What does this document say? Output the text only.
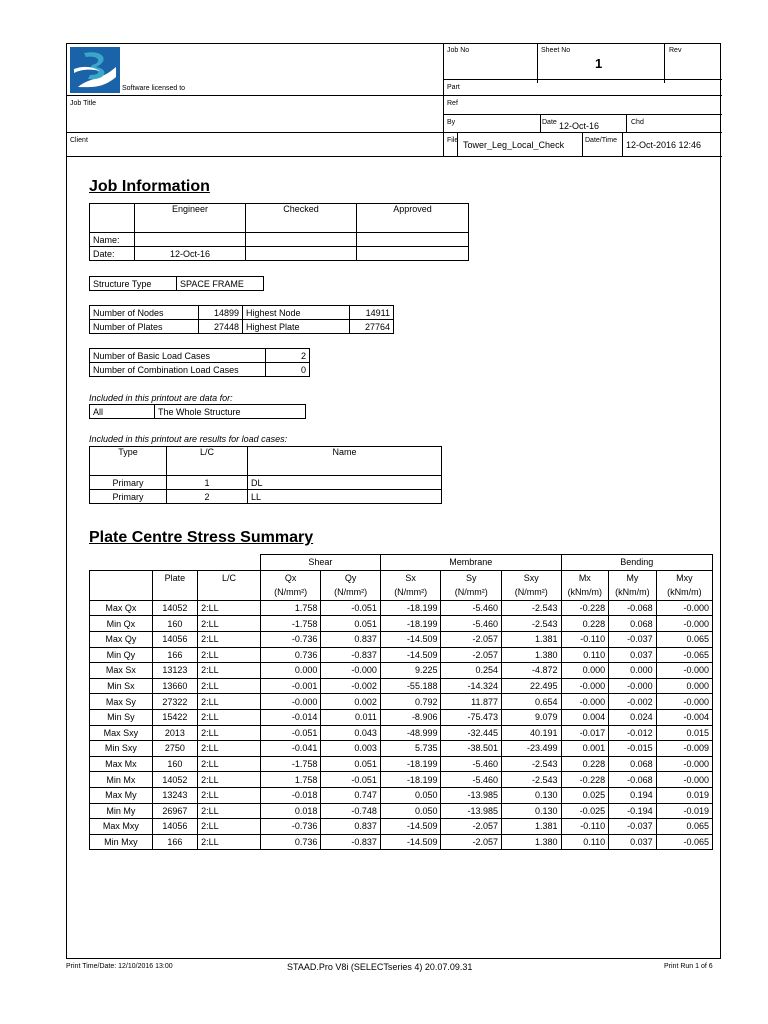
Software licensed to
Job No	Sheet No
1
Rev
Part
Job Title	Ref
By	Date 12-Oct-16	Chd
Client	File Tower_Leg_Local_Check	Date/Time 12-Oct-2016 12:46
Job Information
	Engineer	Checked	Approved
Name:			
Date:	12-Oct-16		
Structure Type	SPACE FRAME
Number of Nodes	14899	Highest Node	14911
Number of Plates	27448	Highest Plate	27764
Number of Basic Load Cases	2
Number of Combination Load Cases	0
Included in this printout are data for:
All	The Whole Structure
Included in this printout are results for load cases:
Type	L/C	Name
Primary	1	DL
Primary	2	LL
Plate Centre Stress Summary
			Shear		Membrane			Bending		
	Plate	L/C	Qx	Qy	Sx	Sy	Sxy	Mx	My	Mxy
			(N/mm²)	(N/mm²)	(N/mm²)	(N/mm²)	(N/mm²)	(kNm/m)	(kNm/m)	(kNm/m)
Max Qx	14052	2:LL	1.758	-0.051	-18.199	-5.460	-2.543	-0.228	-0.068	-0.000
Min Qx	160	2:LL	-1.758	0.051	-18.199	-5.460	-2.543	0.228	0.068	-0.000
Max Qy	14056	2:LL	-0.736	0.837	-14.509	-2.057	1.381	-0.110	-0.037	0.065
Min Qy	166	2:LL	0.736	-0.837	-14.509	-2.057	1.380	0.110	0.037	-0.065
Max Sx	13123	2:LL	0.000	-0.000	9.225	0.254	-4.872	0.000	0.000	-0.000
Min Sx	13660	2:LL	-0.001	-0.002	-55.188	-14.324	22.495	-0.000	-0.000	0.000
Max Sy	27322	2:LL	-0.000	0.002	0.792	11.877	0.654	-0.000	-0.002	-0.000
Min Sy	15422	2:LL	-0.014	0.011	-8.906	-75.473	9.079	0.004	0.024	-0.004
Max Sxy	2013	2:LL	-0.051	0.043	-48.999	-32.445	40.191	-0.017	-0.012	0.015
Min Sxy	2750	2:LL	-0.041	0.003	5.735	-38.501	-23.499	0.001	-0.015	-0.009
Max Mx	160	2:LL	-1.758	0.051	-18.199	-5.460	-2.543	0.228	0.068	-0.000
Min Mx	14052	2:LL	1.758	-0.051	-18.199	-5.460	-2.543	-0.228	-0.068	-0.000
Max My	13243	2:LL	-0.018	0.747	0.050	-13.985	0.130	0.025	0.194	0.019
Min My	26967	2:LL	0.018	-0.748	0.050	-13.985	0.130	-0.025	-0.194	-0.019
Max Mxy	14056	2:LL	-0.736	0.837	-14.509	-2.057	1.381	-0.110	-0.037	0.065
Min Mxy	166	2:LL	0.736	-0.837	-14.509	-2.057	1.380	0.110	0.037	-0.065
Print Time/Date: 12/10/2016 13:00	STAAD.Pro V8i (SELECTseries 4) 20.07.09.31	Print Run 1 of 6
